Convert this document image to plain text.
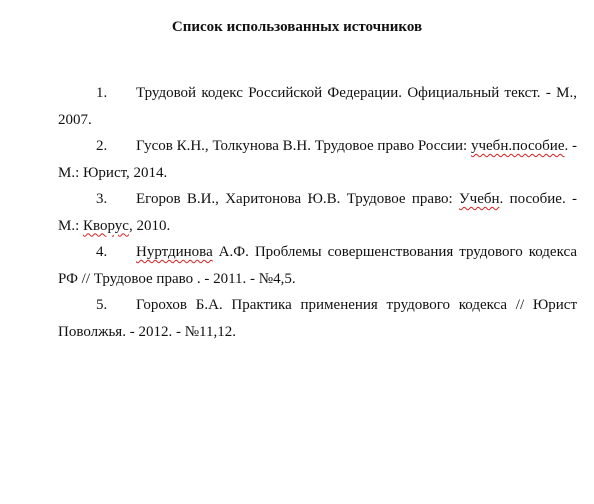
Список использованных источников

1. Трудовой кодекс Российской Федерации. Официальный текст. - М., 2007.

2. Гусов К.Н., Толкунова В.Н. Трудовое право России: учебн.пособие. - М.: Юрист, 2014.

3. Егоров В.И., Харитонова Ю.В. Трудовое право: Учебн. пособие. - М.: Кворус, 2010.

4. Нуртдинова А.Ф. Проблемы совершенствования трудового кодекса РФ // Трудовое право . - 2011. - №4,5.

5. Горохов Б.А. Практика применения трудового кодекса // Юрист Поволжья. - 2012. - №11,12.
